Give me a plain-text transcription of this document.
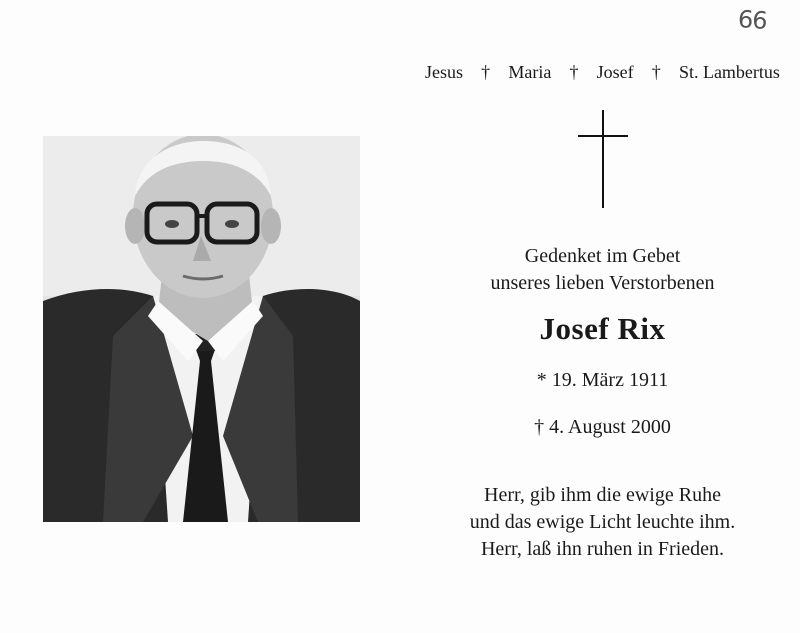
66
Jesus † Maria † Josef † St. Lambertus
Gedenket im Gebet
unseres lieben Verstorbenen
Josef Rix
* 19. März 1911
† 4. August 2000
Herr, gib ihm die ewige Ruhe
und das ewige Licht leuchte ihm.
Herr, laß ihn ruhen in Frieden.
